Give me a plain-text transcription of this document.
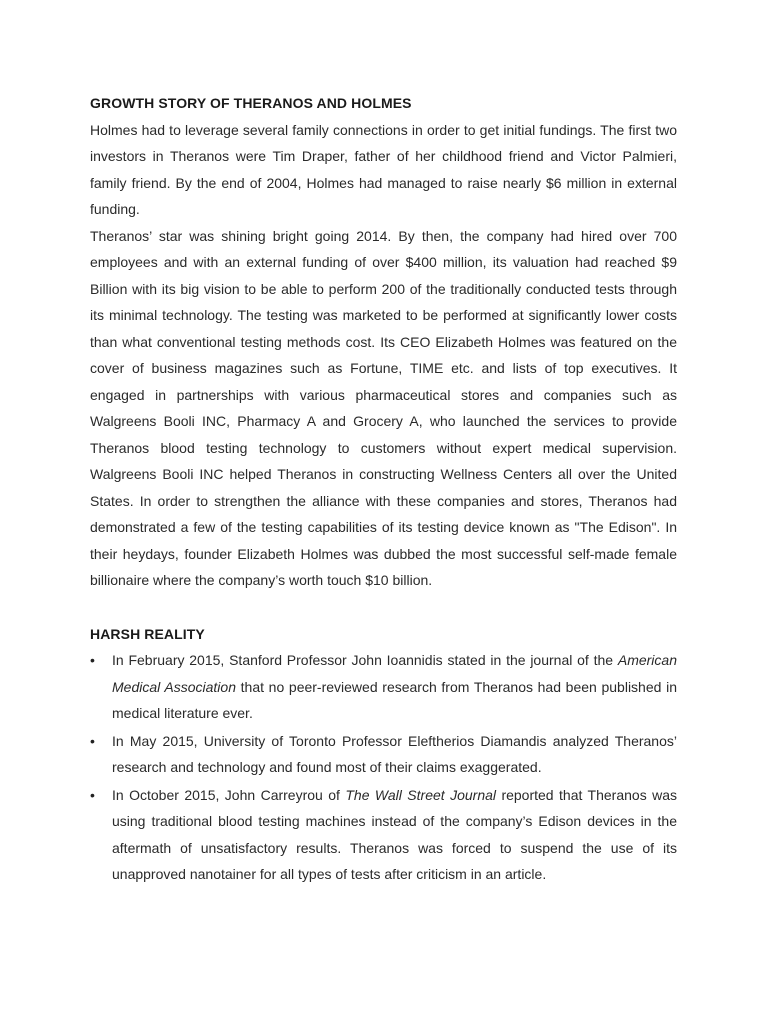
GROWTH STORY OF THERANOS AND HOLMES

Holmes had to leverage several family connections in order to get initial fundings. The first two investors in Theranos were Tim Draper, father of her childhood friend and Victor Palmieri, family friend. By the end of 2004, Holmes had managed to raise nearly $6 million in external funding.

Theranos’ star was shining bright going 2014. By then, the company had hired over 700 employees and with an external funding of over $400 million, its valuation had reached $9 Billion with its big vision to be able to perform 200 of the traditionally conducted tests through its minimal technology. The testing was marketed to be performed at significantly lower costs than what conventional testing methods cost. Its CEO Elizabeth Holmes was featured on the cover of business magazines such as Fortune, TIME etc. and lists of top executives. It engaged in partnerships with various pharmaceutical stores and companies such as Walgreens Booli INC, Pharmacy A and Grocery A, who launched the services to provide Theranos blood testing technology to customers without expert medical supervision. Walgreens Booli INC helped Theranos in constructing Wellness Centers all over the United States. In order to strengthen the alliance with these companies and stores, Theranos had demonstrated a few of the testing capabilities of its testing device known as "The Edison". In their heydays, founder Elizabeth Holmes was dubbed the most successful self-made female billionaire where the company’s worth touch $10 billion.

HARSH REALITY
• In February 2015, Stanford Professor John Ioannidis stated in the journal of the American Medical Association that no peer-reviewed research from Theranos had been published in medical literature ever.
• In May 2015, University of Toronto Professor Eleftherios Diamandis analyzed Theranos’ research and technology and found most of their claims exaggerated.
• In October 2015, John Carreyrou of The Wall Street Journal reported that Theranos was using traditional blood testing machines instead of the company’s Edison devices in the aftermath of unsatisfactory results. Theranos was forced to suspend the use of its unapproved nanotainer for all types of tests after criticism in an article.
